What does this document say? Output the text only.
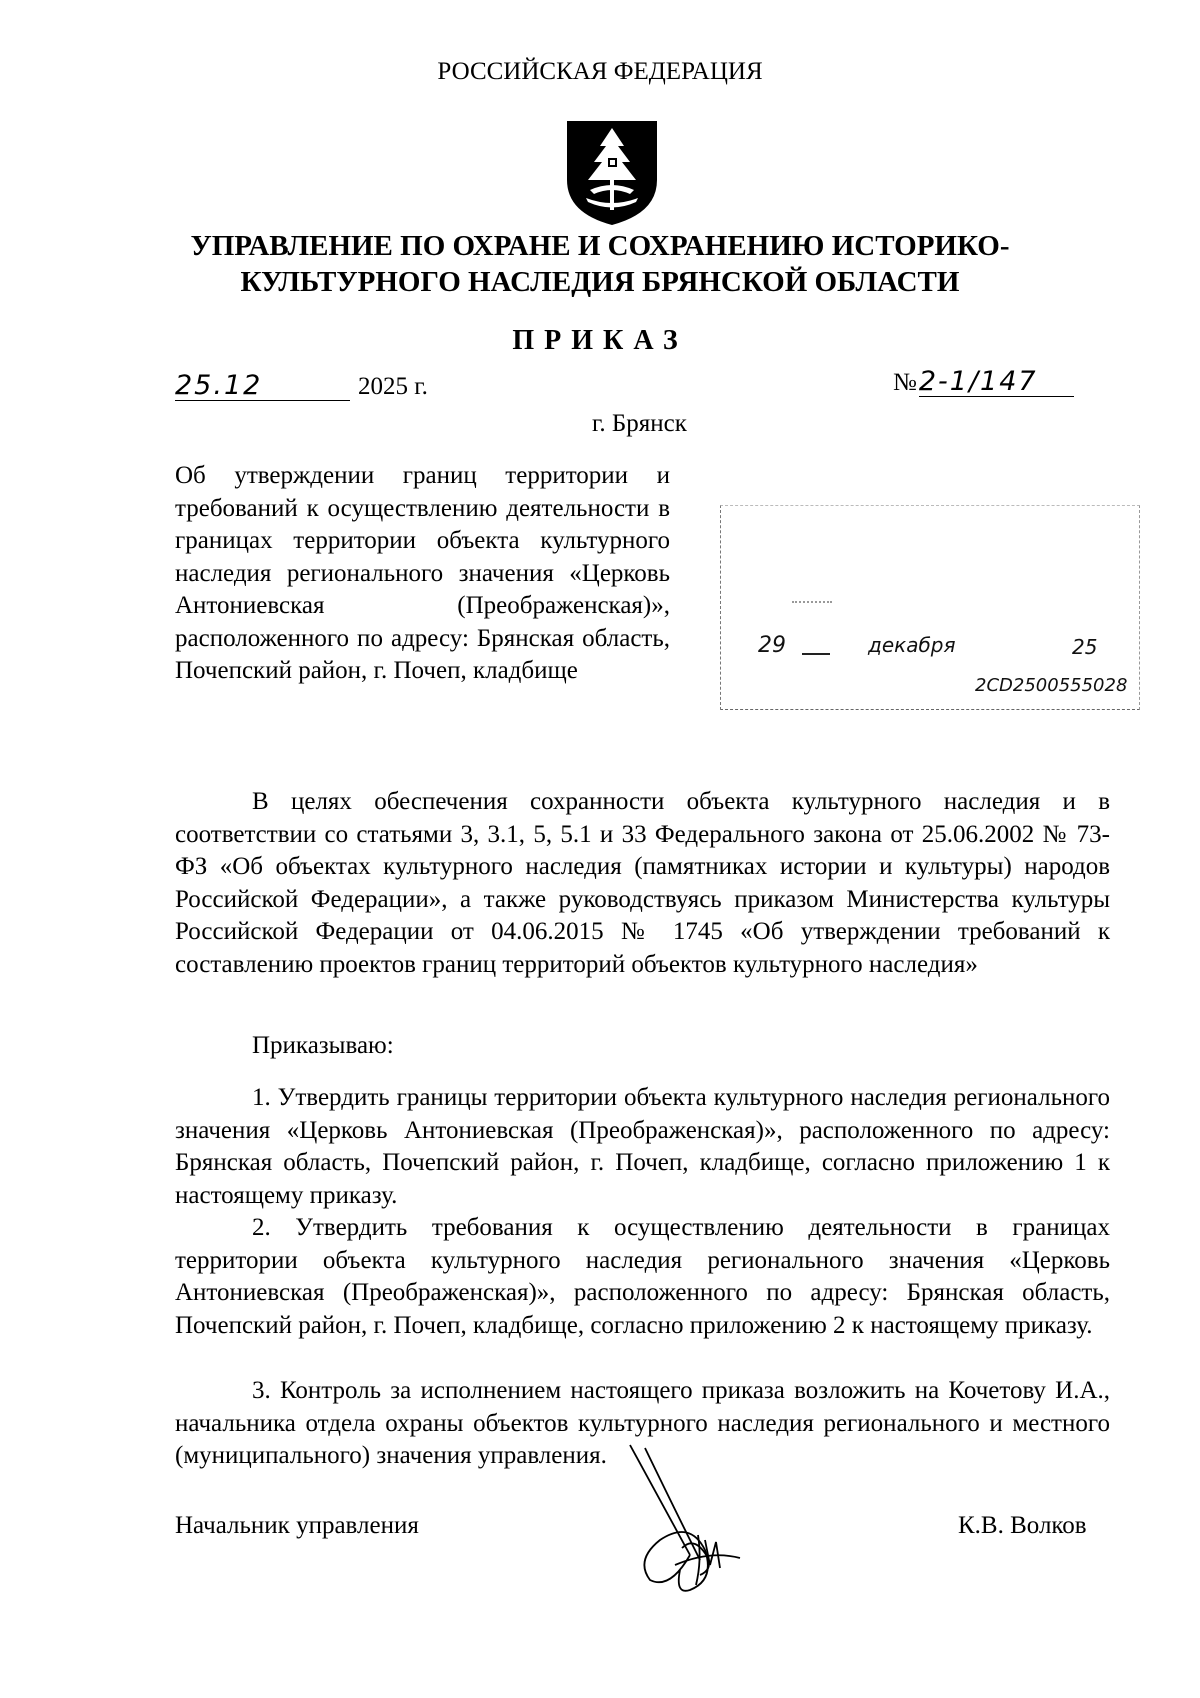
РОССИЙСКАЯ ФЕДЕРАЦИЯ
УПРАВЛЕНИЕ ПО ОХРАНЕ И СОХРАНЕНИЮ ИСТОРИКО-
КУЛЬТУРНОГО НАСЛЕДИЯ БРЯНСКОЙ ОБЛАСТИ
ПРИКАЗ
25.12	2025 г.	№2-1/147
г. Брянск
Об утверждении границ территории и требований к осуществлению деятельности в границах территории объекта культурного наследия регионального значения «Церковь Антониевская (Преображенская)», расположенного по адресу: Брянская область, Почепский район, г. Почеп, кладбище
29	декабря	25
2CD2500555028
В целях обеспечения сохранности объекта культурного наследия и в соответствии со статьями 3, 3.1, 5, 5.1 и 33 Федерального закона от 25.06.2002 № 73-ФЗ «Об объектах культурного наследия (памятниках истории и культуры) народов Российской Федерации», а также руководствуясь приказом Министерства культуры Российской Федерации от 04.06.2015 № 1745 «Об утверждении требований к составлению проектов границ территорий объектов культурного наследия»
Приказываю:
1. Утвердить границы территории объекта культурного наследия регионального значения «Церковь Антониевская (Преображенская)», расположенного по адресу: Брянская область, Почепский район, г. Почеп, кладбище, согласно приложению 1 к настоящему приказу.
2. Утвердить требования к осуществлению деятельности в границах территории объекта культурного наследия регионального значения «Церковь Антониевская (Преображенская)», расположенного по адресу: Брянская область, Почепский район, г. Почеп, кладбище, согласно приложению 2 к настоящему приказу.
3. Контроль за исполнением настоящего приказа возложить на Кочетову И.А., начальника отдела охраны объектов культурного наследия регионального и местного (муниципального) значения управления.
Начальник управления	К.В. Волков
